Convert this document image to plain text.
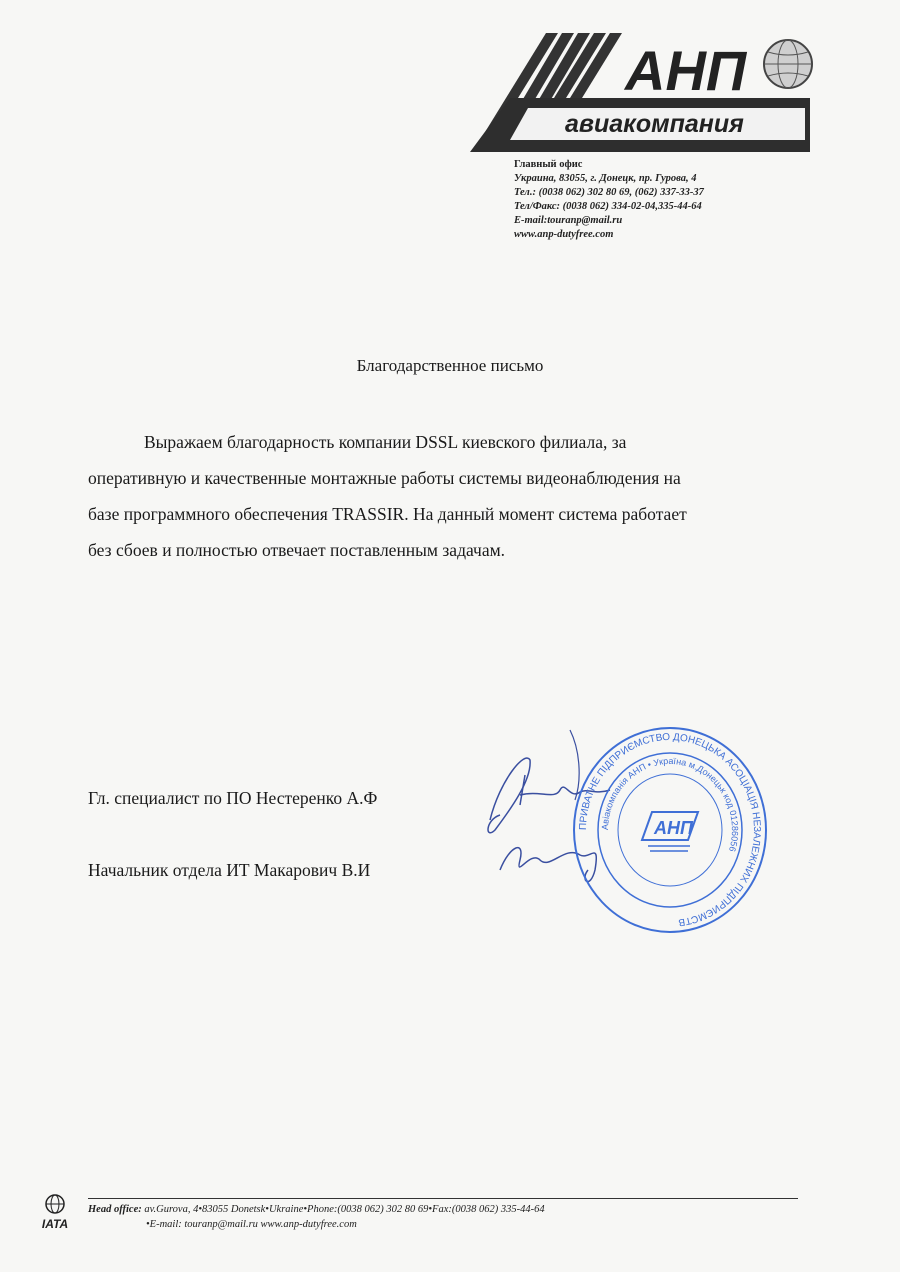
АНП
авиакомпания
Главный офис
Украина, 83055, г. Донецк, пр. Гурова, 4
Тел.: (0038 062) 302 80 69, (062) 337-33-37
Тел/Факс: (0038 062) 334-02-04,335-44-64
E-mail:touranp@mail.ru
www.anp-dutyfree.com
Благодарственное письмо
Выражаем благодарность компании DSSL киевского филиала, за
оперативную и качественные монтажные работы системы видеонаблюдения на
базе программного обеспечения TRASSIR. На данный момент система работает
без сбоев и полностью отвечает поставленным задачам.
Гл. специалист по ПО Нестеренко А.Ф
Начальник отдела ИТ Макарович В.И
ПРИВАТНЕ ПІДПРИЄМСТВО ДОНЕЦЬКА АСОЦІАЦІЯ НЕЗАЛЕЖНИХ ПІДПРИЄМСТВ
Авіакомпанія АНП • Україна м.Донецьк код 01286056
АНП
IATA
Head office: av.Gurova, 4•83055 Donetsk•Ukraine•Phone:(0038 062) 302 80 69•Fax:(0038 062) 335-44-64
•E-mail: touranp@mail.ru www.anp-dutyfree.com
